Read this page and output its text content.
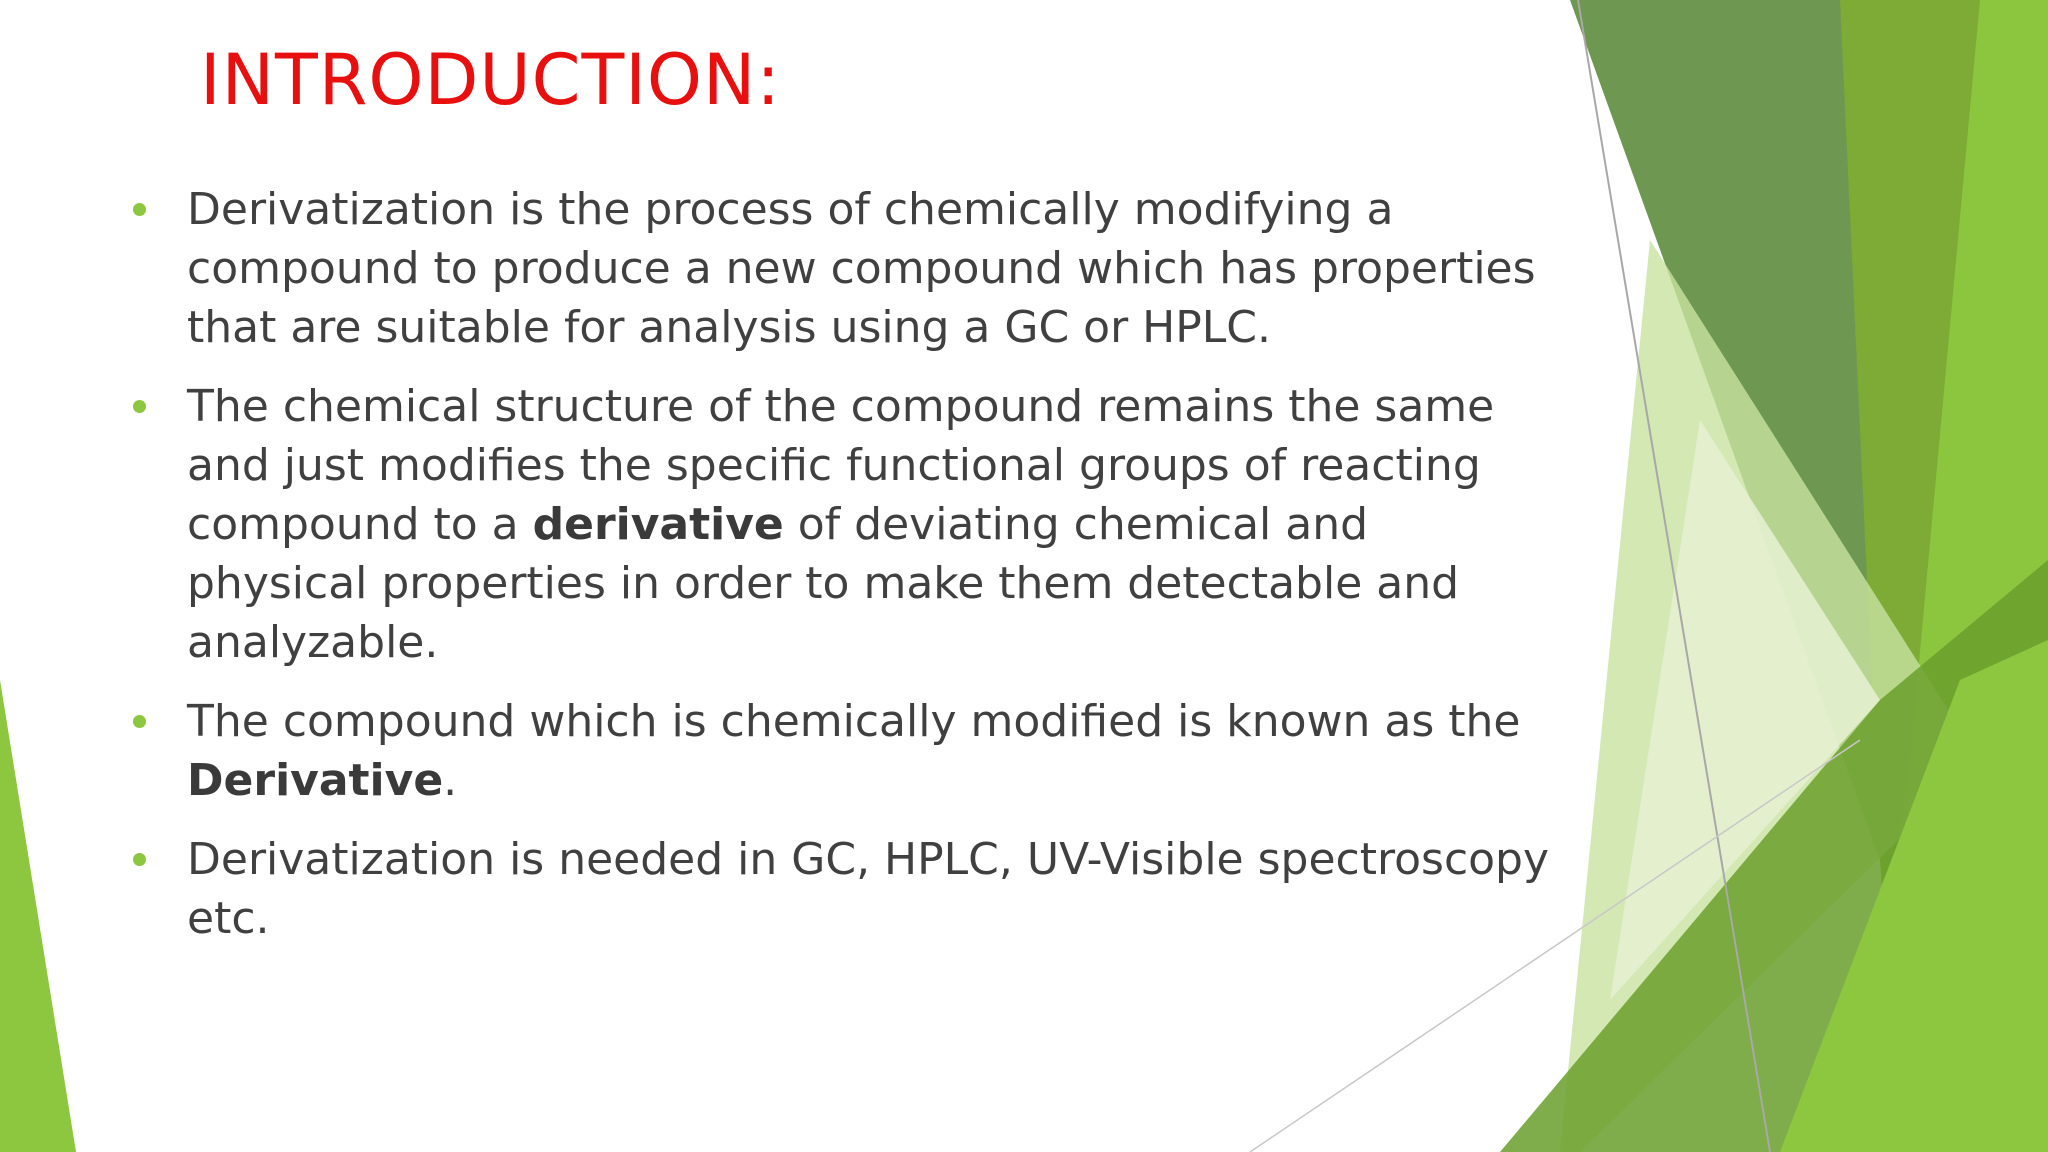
INTRODUCTION:
Derivatization is the process of chemically modifying a compound to produce a new compound which has properties that are suitable for analysis using a GC or HPLC.
The chemical structure of the compound remains the same and just modifies the specific functional groups of reacting compound to a derivative of deviating chemical and physical properties in order to make them detectable and analyzable.
The compound which is chemically modified is known as the Derivative.
Derivatization is needed in GC, HPLC, UV-Visible spectroscopy etc.
